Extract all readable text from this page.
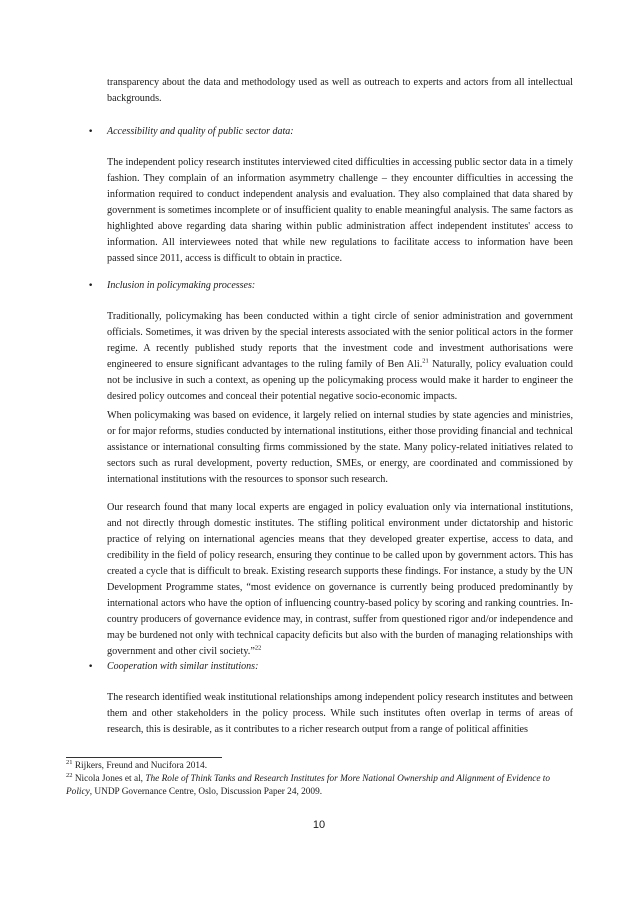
transparency about the data and methodology used as well as outreach to experts and actors from all intellectual backgrounds.
• Accessibility and quality of public sector data:
The independent policy research institutes interviewed cited difficulties in accessing public sector data in a timely fashion. They complain of an information asymmetry challenge – they encounter difficulties in accessing the information required to conduct independent analysis and evaluation. They also complained that data shared by government is sometimes incomplete or of insufficient quality to enable meaningful analysis. The same factors as highlighted above regarding data sharing within public administration affect independent institutes' access to information. All interviewees noted that while new regulations to facilitate access to information have been passed since 2011, access is difficult to obtain in practice.
• Inclusion in policymaking processes:
Traditionally, policymaking has been conducted within a tight circle of senior administration and government officials. Sometimes, it was driven by the special interests associated with the senior political actors in the former regime. A recently published study reports that the investment code and investment authorisations were engineered to ensure significant advantages to the ruling family of Ben Ali.$^{21}$ Naturally, policy evaluation could not be inclusive in such a context, as opening up the policymaking process would make it harder to engineer the desired policy outcomes and conceal their potential negative socio-economic impacts.
When policymaking was based on evidence, it largely relied on internal studies by state agencies and ministries, or for major reforms, studies conducted by international institutions, either those providing financial and technical assistance or international consulting firms commissioned by the state. Many policy-related initiatives related to sectors such as rural development, poverty reduction, SMEs, or energy, are coordinated and commissioned by international institutions with the resources to sponsor such research.
Our research found that many local experts are engaged in policy evaluation only via international institutions, and not directly through domestic institutes. The stifling political environment under dictatorship and historic practice of relying on international agencies means that they developed greater expertise, access to data, and credibility in the field of policy research, ensuring they continue to be called upon by government actors. This has created a cycle that is difficult to break. Existing research supports these findings. For instance, a study by the UN Development Programme states, “most evidence on governance is currently being produced predominantly by international actors who have the option of influencing country-based policy by scoring and ranking countries. In-country producers of governance evidence may, in contrast, suffer from questioned rigor and/or independence and may be burdened not only with technical capacity deficits but also with the burden of managing relationships with government and other civil society.”$^{22}$
• Cooperation with similar institutions:
The research identified weak institutional relationships among independent policy research institutes and between them and other stakeholders in the policy process. While such institutes often overlap in terms of areas of research, this is desirable, as it contributes to a richer research output from a range of political affinities
$^{21}$ Rijkers, Freund and Nucifora 2014.
$^{22}$ Nicola Jones et al, The Role of Think Tanks and Research Institutes for More National Ownership and Alignment of Evidence to Policy, UNDP Governance Centre, Oslo, Discussion Paper 24, 2009.
10
